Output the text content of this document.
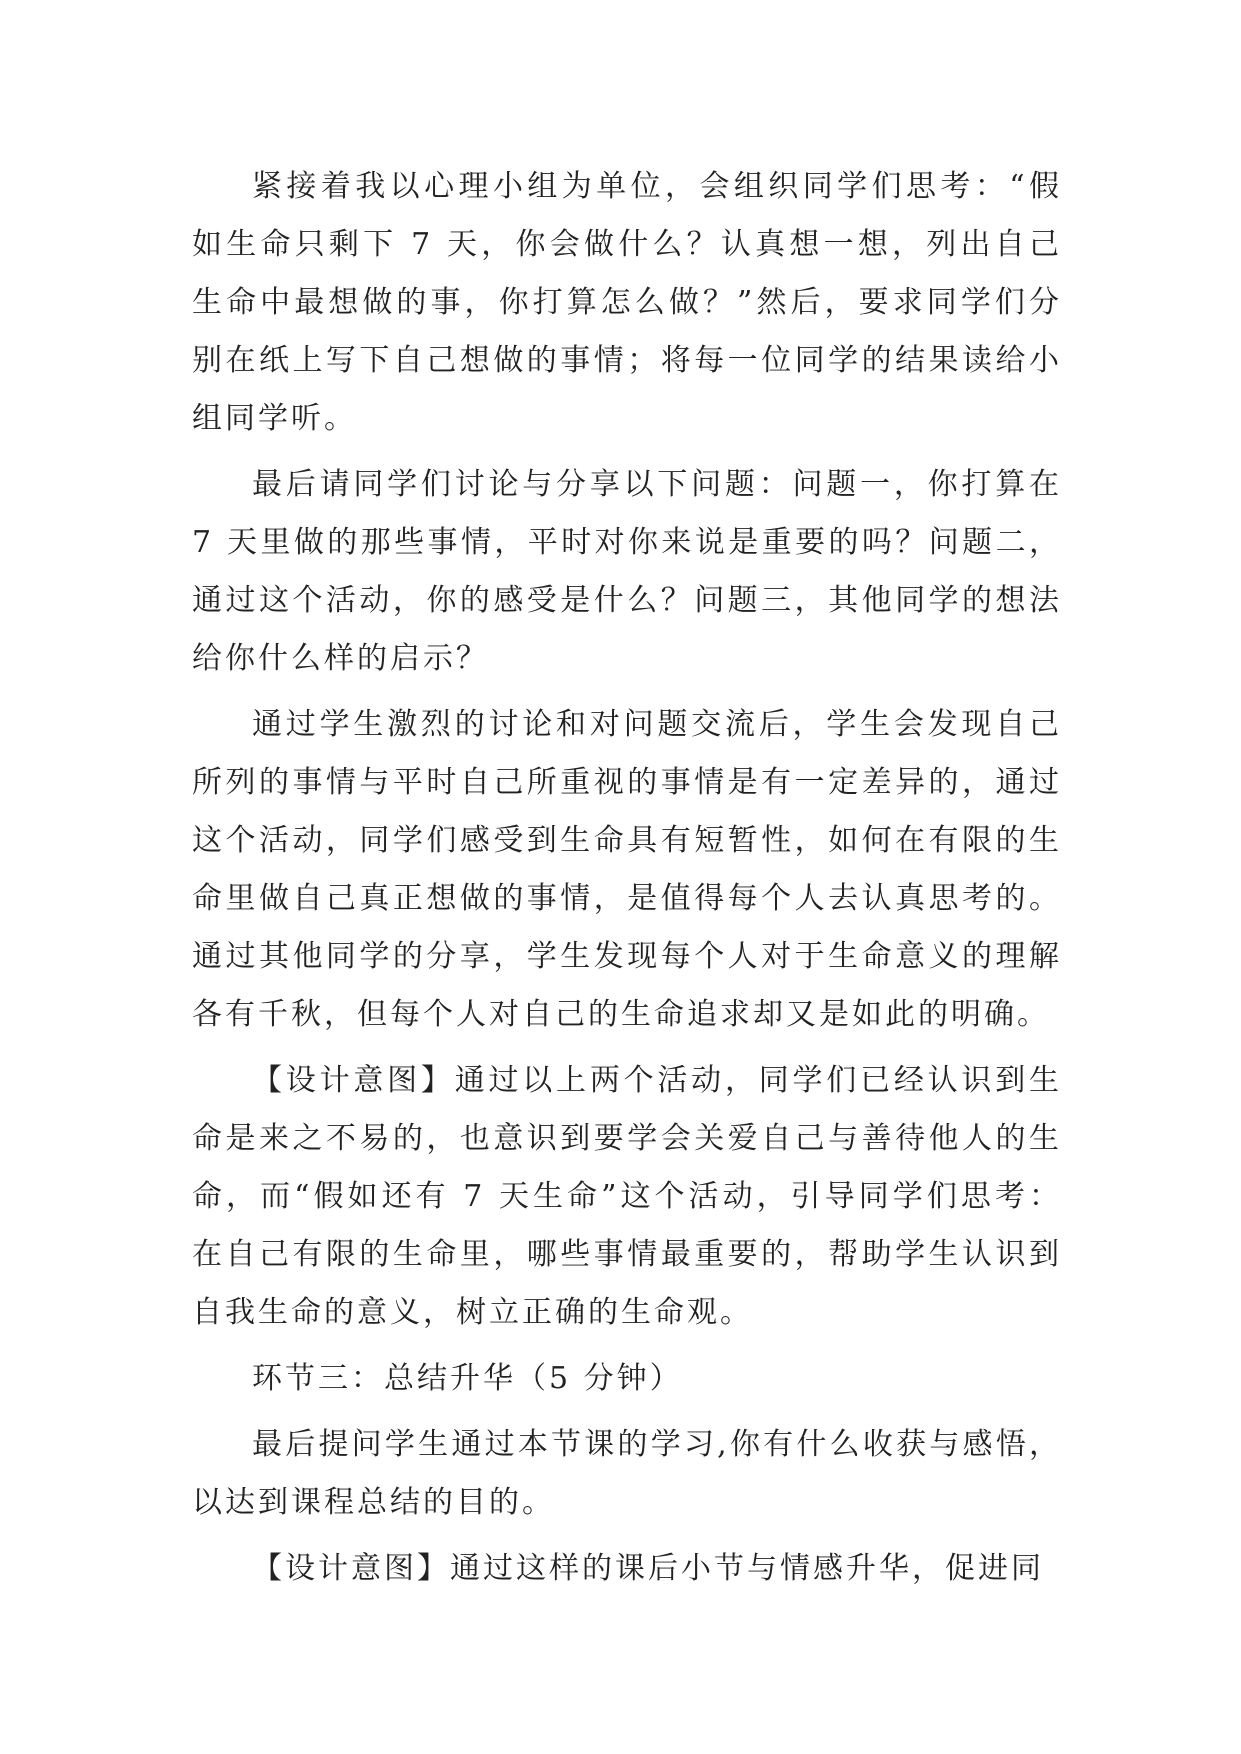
紧接着我以心理小组为单位，会组织同学们思考：“假如生命只剩下 7 天，你会做什么？认真想一想，列出自己生命中最想做的事，你打算怎么做？”然后，要求同学们分别在纸上写下自己想做的事情；将每一位同学的结果读给小组同学听。

最后请同学们讨论与分享以下问题：问题一，你打算在 7 天里做的那些事情，平时对你来说是重要的吗？问题二，通过这个活动，你的感受是什么？问题三，其他同学的想法给你什么样的启示？

通过学生激烈的讨论和对问题交流后，学生会发现自己所列的事情与平时自己所重视的事情是有一定差异的，通过这个活动，同学们感受到生命具有短暂性，如何在有限的生命里做自己真正想做的事情，是值得每个人去认真思考的。通过其他同学的分享，学生发现每个人对于生命意义的理解各有千秋，但每个人对自己的生命追求却又是如此的明确。

【设计意图】通过以上两个活动，同学们已经认识到生命是来之不易的，也意识到要学会关爱自己与善待他人的生命，而“假如还有 7 天生命”这个活动，引导同学们思考：在自己有限的生命里，哪些事情最重要的，帮助学生认识到自我生命的意义，树立正确的生命观。

环节三：总结升华（5 分钟）

最后提问学生通过本节课的学习,你有什么收获与感悟，以达到课程总结的目的。

【设计意图】通过这样的课后小节与情感升华，促进同
